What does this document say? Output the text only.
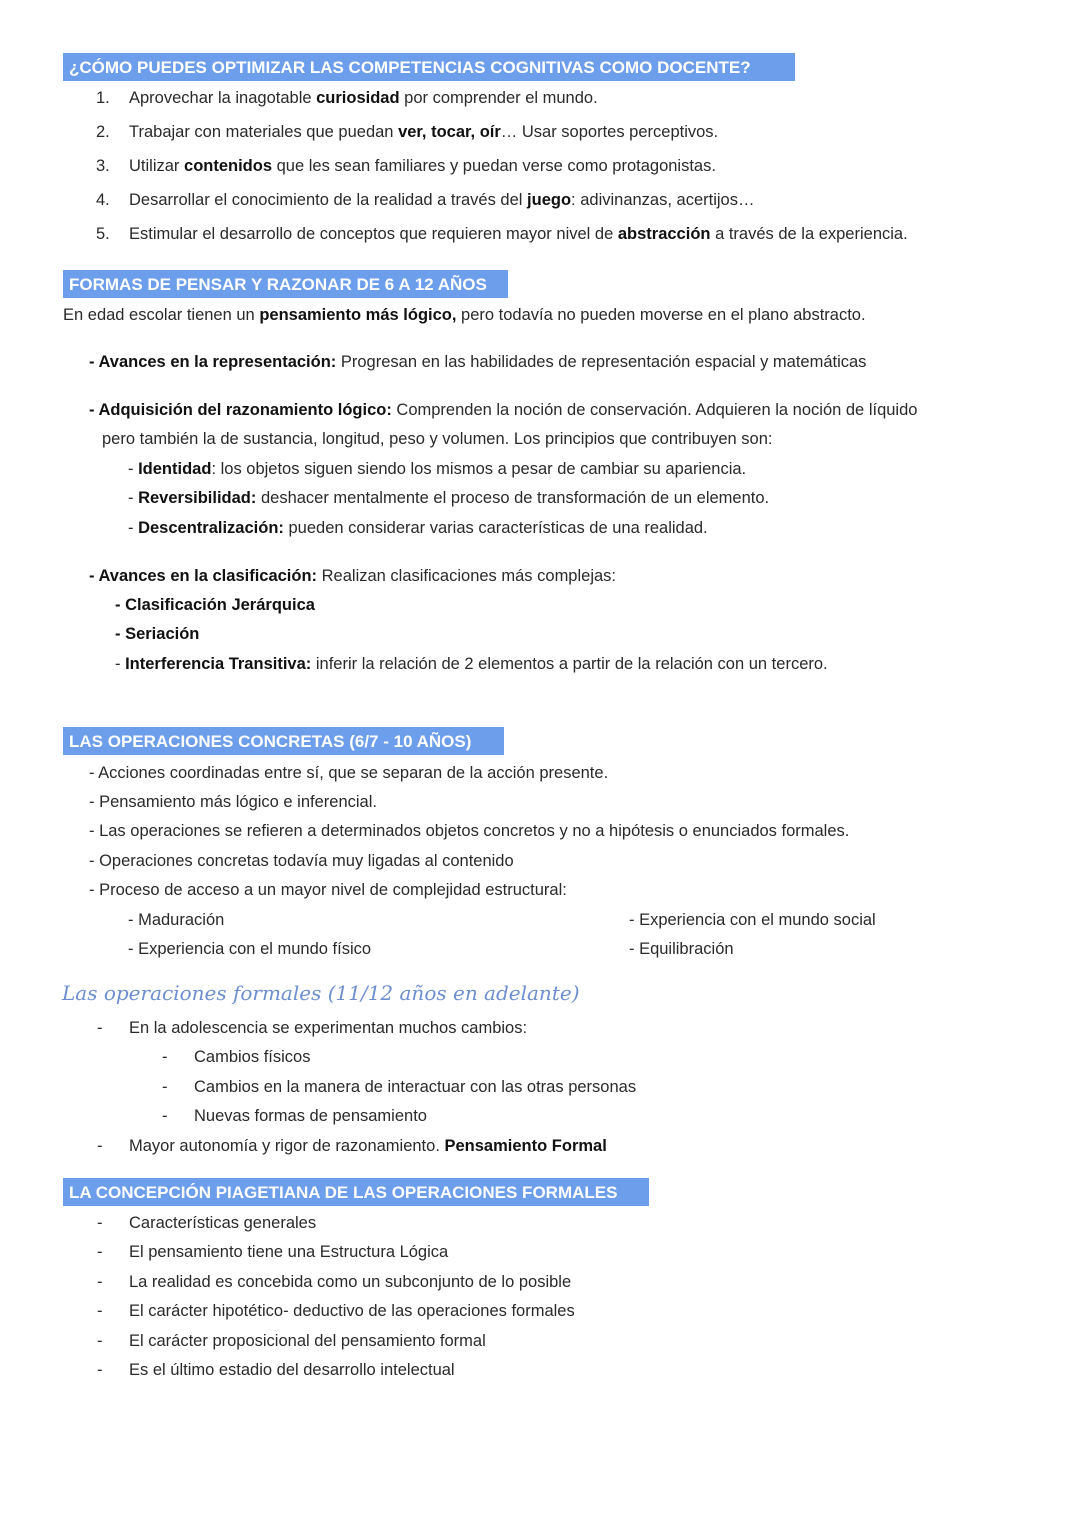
¿CÓMO PUEDES OPTIMIZAR LAS COMPETENCIAS COGNITIVAS COMO DOCENTE?
1. Aprovechar la inagotable curiosidad por comprender el mundo.
2. Trabajar con materiales que puedan ver, tocar, oír… Usar soportes perceptivos.
3. Utilizar contenidos que les sean familiares y puedan verse como protagonistas.
4. Desarrollar el conocimiento de la realidad a través del juego: adivinanzas, acertijos…
5. Estimular el desarrollo de conceptos que requieren mayor nivel de abstracción a través de la experiencia.
FORMAS DE PENSAR Y RAZONAR DE 6 A 12 AÑOS
En edad escolar tienen un pensamiento más lógico, pero todavía no pueden moverse en el plano abstracto.
- Avances en la representación: Progresan en las habilidades de representación espacial y matemáticas
- Adquisición del razonamiento lógico: Comprenden la noción de conservación. Adquieren la noción de líquido
pero también la de sustancia, longitud, peso y volumen. Los principios que contribuyen son:
- Identidad: los objetos siguen siendo los mismos a pesar de cambiar su apariencia.
- Reversibilidad: deshacer mentalmente el proceso de transformación de un elemento.
- Descentralización: pueden considerar varias características de una realidad.
- Avances en la clasificación: Realizan clasificaciones más complejas:
- Clasificación Jerárquica
- Seriación
- Interferencia Transitiva: inferir la relación de 2 elementos a partir de la relación con un tercero.
LAS OPERACIONES CONCRETAS (6/7 - 10 AÑOS)
- Acciones coordinadas entre sí, que se separan de la acción presente.
- Pensamiento más lógico e inferencial.
- Las operaciones se refieren a determinados objetos concretos y no a hipótesis o enunciados formales.
- Operaciones concretas todavía muy ligadas al contenido
- Proceso de acceso a un mayor nivel de complejidad estructural:
- Maduración
- Experiencia con el mundo físico
- Experiencia con el mundo social
- Equilibración
Las operaciones formales (11/12 años en adelante)
- En la adolescencia se experimentan muchos cambios:
- Cambios físicos
- Cambios en la manera de interactuar con las otras personas
- Nuevas formas de pensamiento
- Mayor autonomía y rigor de razonamiento. Pensamiento Formal
LA CONCEPCIÓN PIAGETIANA DE LAS OPERACIONES FORMALES
- Características generales
- El pensamiento tiene una Estructura Lógica
- La realidad es concebida como un subconjunto de lo posible
- El carácter hipotético- deductivo de las operaciones formales
- El carácter proposicional del pensamiento formal
- Es el último estadio del desarrollo intelectual
